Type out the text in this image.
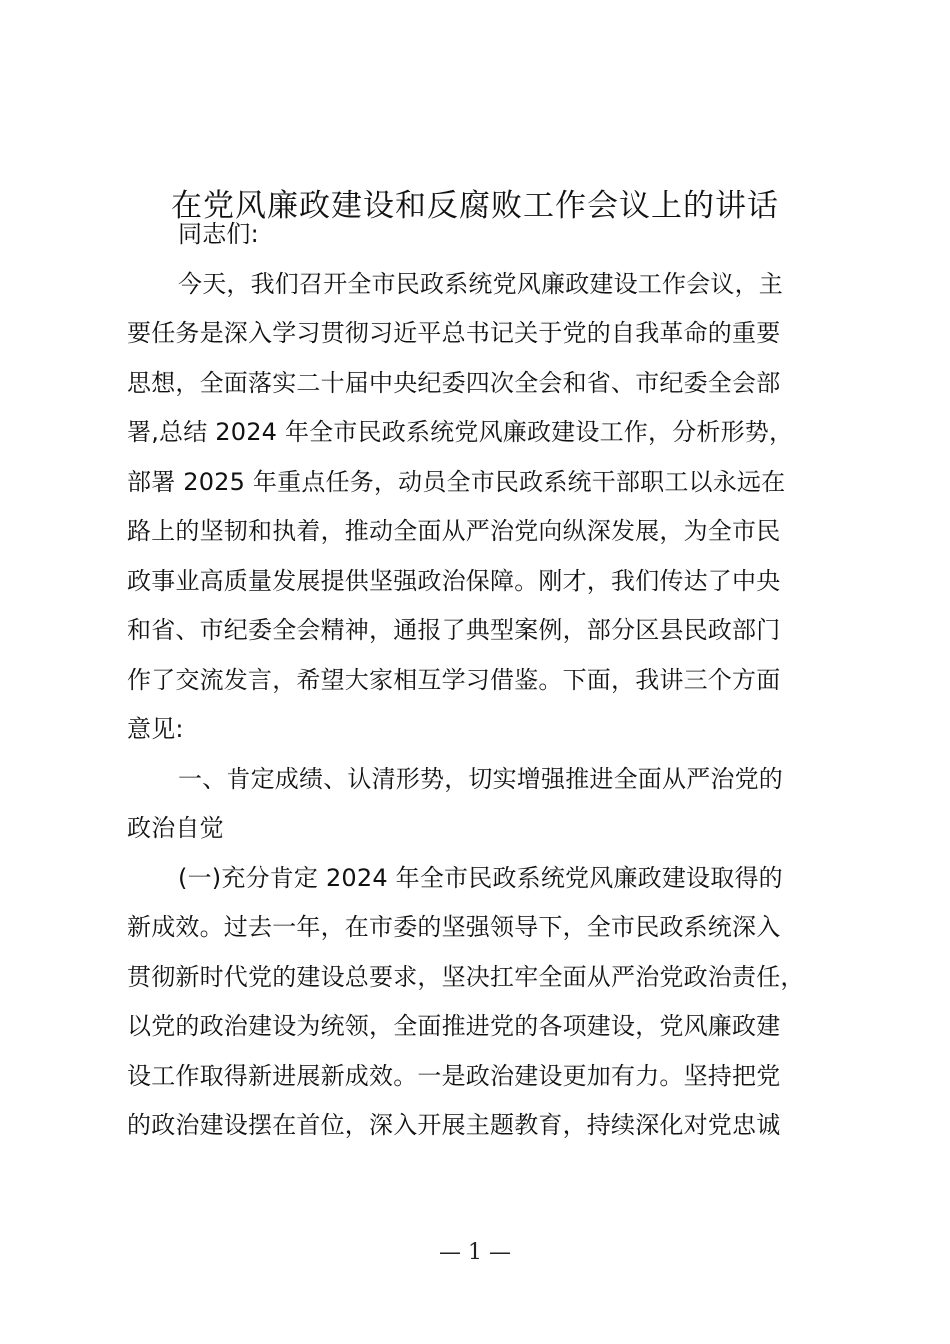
在党风廉政建设和反腐败工作会议上的讲话
同志们:
今天，我们召开全市民政系统党风廉政建设工作会议，主
要任务是深入学习贯彻习近平总书记关于党的自我革命的重要
思想，全面落实二十届中央纪委四次全会和省、市纪委全会部
署,总结 2024 年全市民政系统党风廉政建设工作，分析形势，
部署 2025 年重点任务，动员全市民政系统干部职工以永远在
路上的坚韧和执着，推动全面从严治党向纵深发展，为全市民
政事业高质量发展提供坚强政治保障。刚才，我们传达了中央
和省、市纪委全会精神，通报了典型案例，部分区县民政部门
作了交流发言，希望大家相互学习借鉴。下面，我讲三个方面
意见:
一、肯定成绩、认清形势，切实增强推进全面从严治党的
政治自觉
(一)充分肯定 2024 年全市民政系统党风廉政建设取得的
新成效。过去一年，在市委的坚强领导下，全市民政系统深入
贯彻新时代党的建设总要求，坚决扛牢全面从严治党政治责任，
以党的政治建设为统领，全面推进党的各项建设，党风廉政建
设工作取得新进展新成效。一是政治建设更加有力。坚持把党
的政治建设摆在首位，深入开展主题教育，持续深化对党忠诚
— 1 —
